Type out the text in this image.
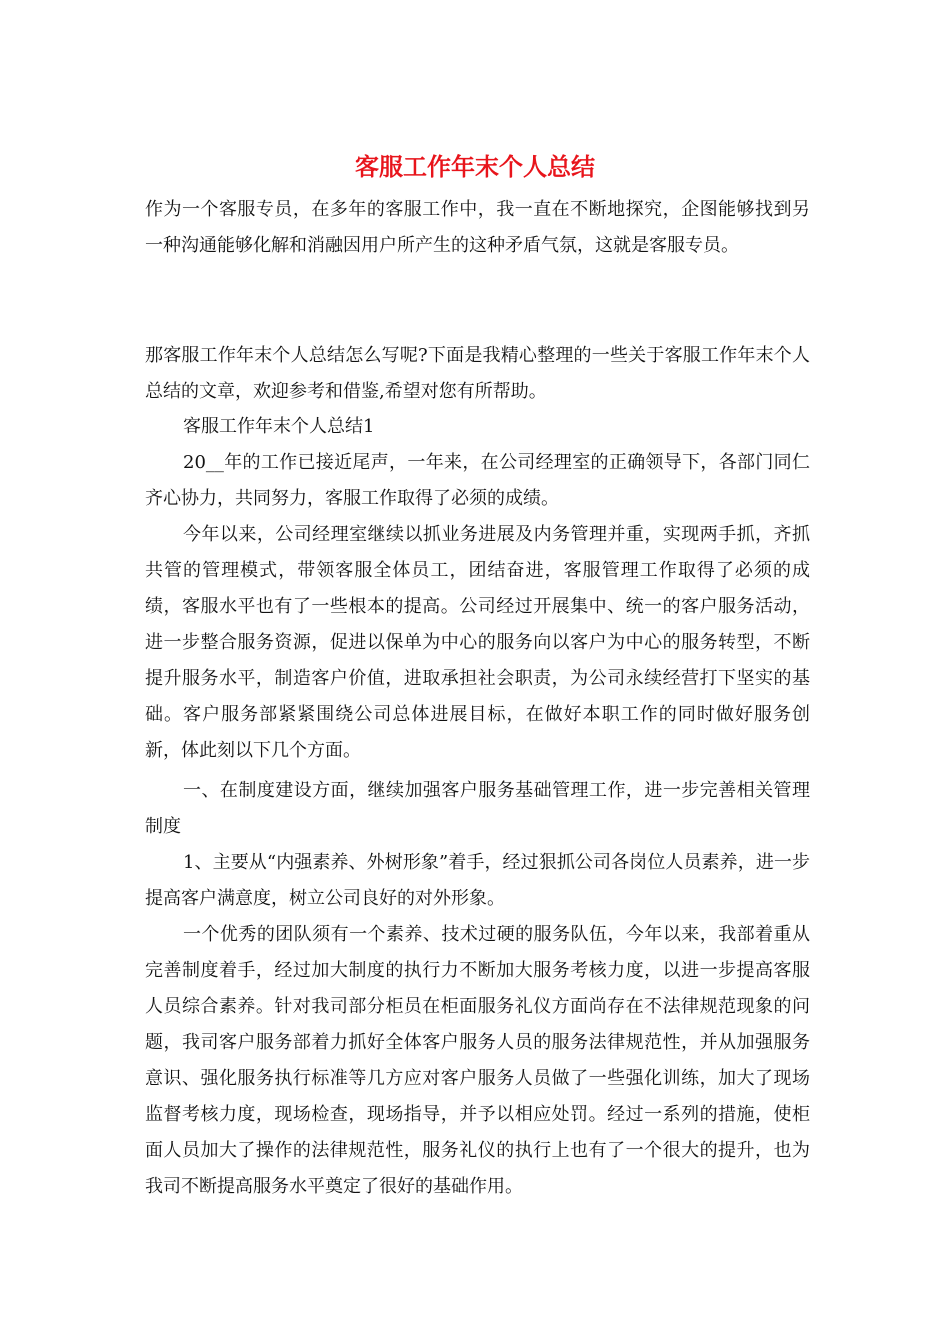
客服工作年末个人总结

作为一个客服专员，在多年的客服工作中，我一直在不断地探究，企图能够找到另一种沟通能够化解和消融因用户所产生的这种矛盾气氛，这就是客服专员。

那客服工作年末个人总结怎么写呢?下面是我精心整理的一些关于客服工作年末个人总结的文章，欢迎参考和借鉴,希望对您有所帮助。

客服工作年末个人总结1

20__年的工作已接近尾声，一年来，在公司经理室的正确领导下，各部门同仁齐心协力，共同努力，客服工作取得了必须的成绩。

今年以来，公司经理室继续以抓业务进展及内务管理并重，实现两手抓，齐抓共管的管理模式，带领客服全体员工，团结奋进，客服管理工作取得了必须的成绩，客服水平也有了一些根本的提高。公司经过开展集中、统一的客户服务活动，进一步整合服务资源，促进以保单为中心的服务向以客户为中心的服务转型，不断提升服务水平，制造客户价值，进取承担社会职责，为公司永续经营打下坚实的基础。客户服务部紧紧围绕公司总体进展目标，在做好本职工作的同时做好服务创新，体此刻以下几个方面。

一、在制度建设方面，继续加强客户服务基础管理工作，进一步完善相关管理制度

1、主要从“内强素养、外树形象”着手，经过狠抓公司各岗位人员素养，进一步提高客户满意度，树立公司良好的对外形象。

一个优秀的团队须有一个素养、技术过硬的服务队伍，今年以来，我部着重从完善制度着手，经过加大制度的执行力不断加大服务考核力度，以进一步提高客服人员综合素养。针对我司部分柜员在柜面服务礼仪方面尚存在不法律规范现象的问题，我司客户服务部着力抓好全体客户服务人员的服务法律规范性，并从加强服务意识、强化服务执行标准等几方应对客户服务人员做了一些强化训练，加大了现场监督考核力度，现场检查，现场指导，并予以相应处罚。经过一系列的措施，使柜面人员加大了操作的法律规范性，服务礼仪的执行上也有了一个很大的提升，也为我司不断提高服务水平奠定了很好的基础作用。
